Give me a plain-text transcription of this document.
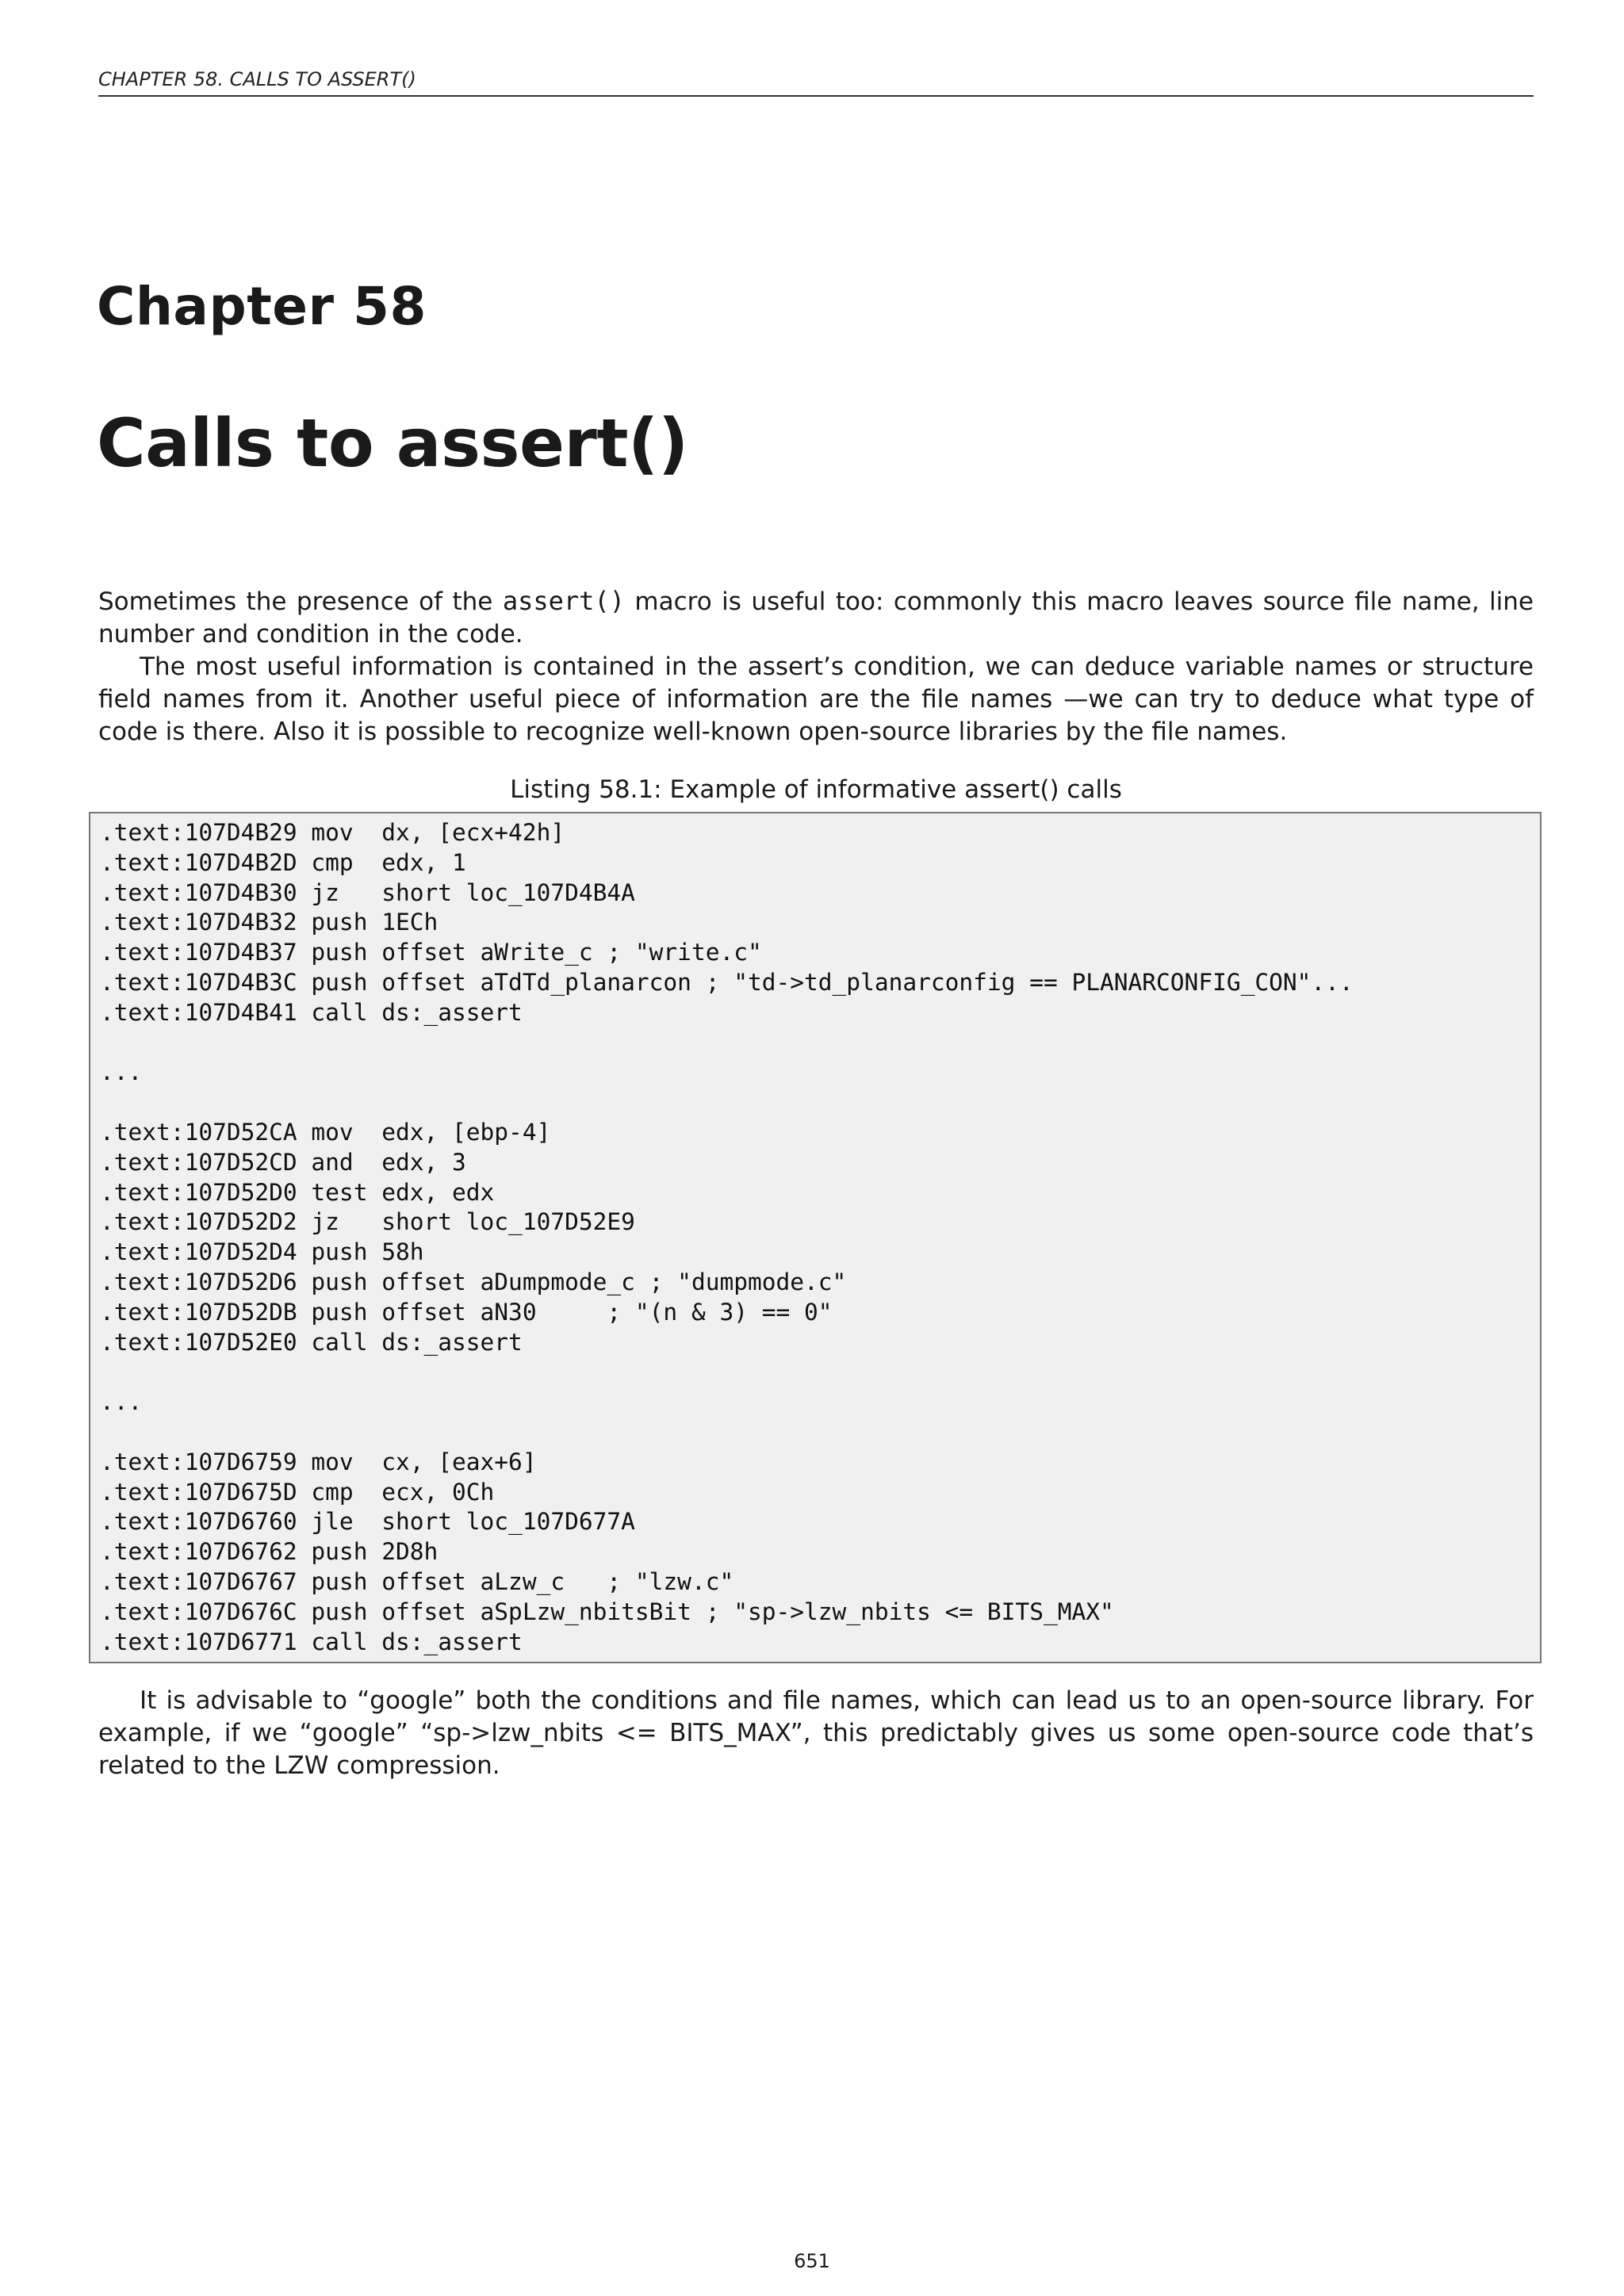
CHAPTER 58. CALLS TO ASSERT()
Chapter 58
Calls to assert()

Sometimes the presence of the assert() macro is useful too: commonly this macro leaves source file name, line number and condition in the code.

The most useful information is contained in the assert’s condition, we can deduce variable names or structure field names from it. Another useful piece of information are the file names —we can try to deduce what type of code is there. Also it is possible to recognize well-known open-source libraries by the file names.

Listing 58.1: Example of informative assert() calls
.text:107D4B29 mov  dx, [ecx+42h]
.text:107D4B2D cmp  edx, 1
.text:107D4B30 jz   short loc_107D4B4A
.text:107D4B32 push 1ECh
.text:107D4B37 push offset aWrite_c ; "write.c"
.text:107D4B3C push offset aTdTd_planarcon ; "td->td_planarconfig == PLANARCONFIG_CON"...
.text:107D4B41 call ds:_assert
...
.text:107D52CA mov  edx, [ebp-4]
.text:107D52CD and  edx, 3
.text:107D52D0 test edx, edx
.text:107D52D2 jz   short loc_107D52E9
.text:107D52D4 push 58h
.text:107D52D6 push offset aDumpmode_c ; "dumpmode.c"
.text:107D52DB push offset aN30     ; "(n & 3) == 0"
.text:107D52E0 call ds:_assert
...
.text:107D6759 mov  cx, [eax+6]
.text:107D675D cmp  ecx, 0Ch
.text:107D6760 jle  short loc_107D677A
.text:107D6762 push 2D8h
.text:107D6767 push offset aLzw_c   ; "lzw.c"
.text:107D676C push offset aSpLzw_nbitsBit ; "sp->lzw_nbits <= BITS_MAX"
.text:107D6771 call ds:_assert

It is advisable to “google” both the conditions and file names, which can lead us to an open-source library. For example, if we “google” “sp->lzw_nbits <= BITS_MAX”, this predictably gives us some open-source code that’s related to the LZW compression.

651
